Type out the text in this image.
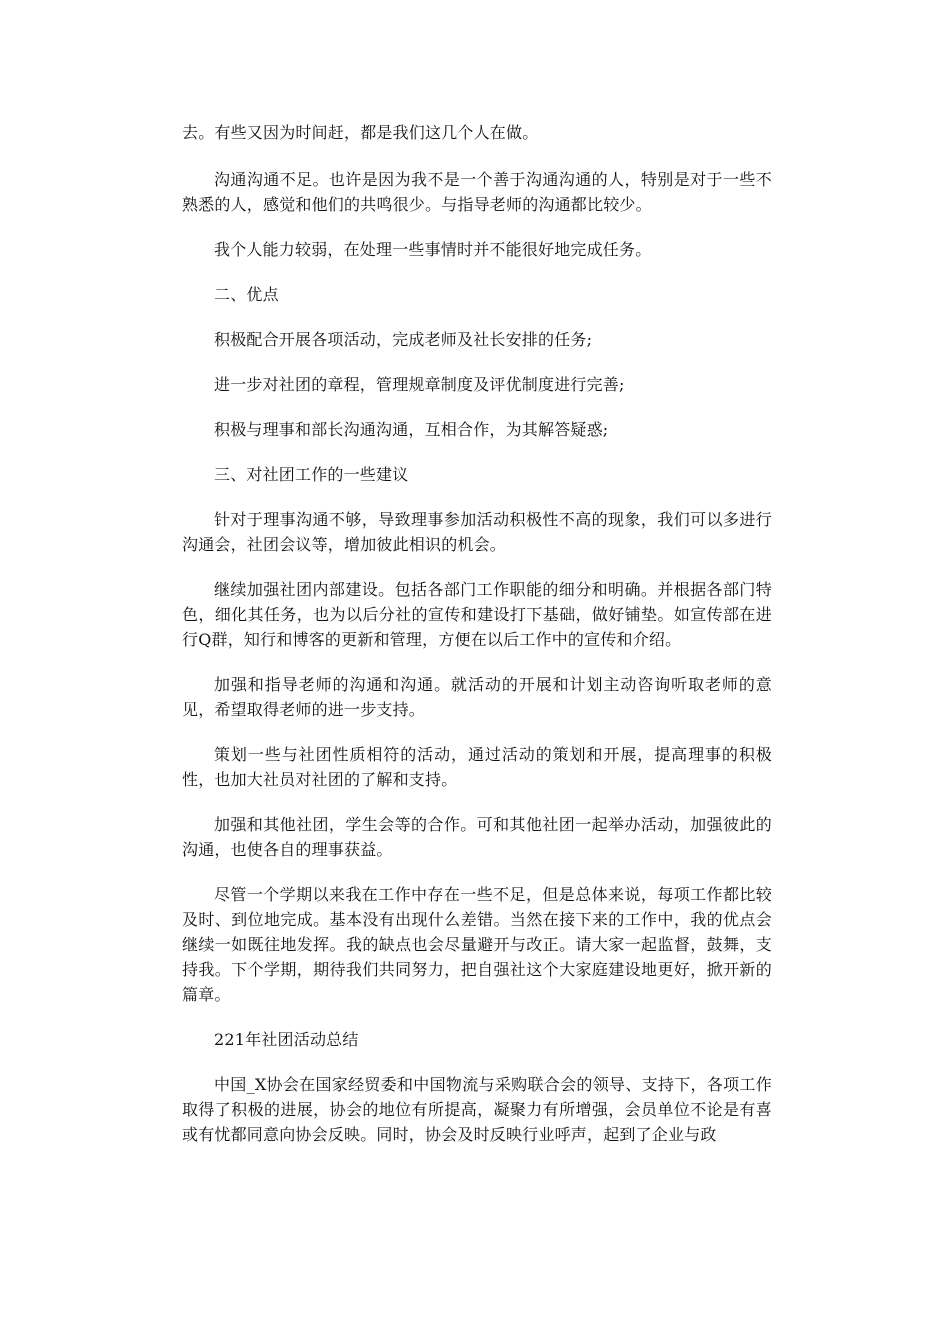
去。有些又因为时间赶，都是我们这几个人在做。

沟通沟通不足。也许是因为我不是一个善于沟通沟通的人，特别是对于一些不熟悉的人，感觉和他们的共鸣很少。与指导老师的沟通都比较少。

我个人能力较弱，在处理一些事情时并不能很好地完成任务。

二、优点

积极配合开展各项活动，完成老师及社长安排的任务;

进一步对社团的章程，管理规章制度及评优制度进行完善;

积极与理事和部长沟通沟通，互相合作，为其解答疑惑;

三、对社团工作的一些建议

针对于理事沟通不够，导致理事参加活动积极性不高的现象，我们可以多进行沟通会，社团会议等，增加彼此相识的机会。

继续加强社团内部建设。包括各部门工作职能的细分和明确。并根据各部门特色，细化其任务，也为以后分社的宣传和建设打下基础，做好铺垫。如宣传部在进行Q群，知行和博客的更新和管理，方便在以后工作中的宣传和介绍。

加强和指导老师的沟通和沟通。就活动的开展和计划主动咨询听取老师的意见，希望取得老师的进一步支持。

策划一些与社团性质相符的活动，通过活动的策划和开展，提高理事的积极性，也加大社员对社团的了解和支持。

加强和其他社团，学生会等的合作。可和其他社团一起举办活动，加强彼此的沟通，也使各自的理事获益。

尽管一个学期以来我在工作中存在一些不足，但是总体来说，每项工作都比较及时、到位地完成。基本没有出现什么差错。当然在接下来的工作中，我的优点会继续一如既往地发挥。我的缺点也会尽量避开与改正。请大家一起监督，鼓舞，支持我。下个学期，期待我们共同努力，把自强社这个大家庭建设地更好，掀开新的篇章。

221年社团活动总结

中国_X协会在国家经贸委和中国物流与采购联合会的领导、支持下，各项工作取得了积极的进展，协会的地位有所提高，凝聚力有所增强，会员单位不论是有喜或有忧都同意向协会反映。同时，协会及时反映行业呼声，起到了企业与政
